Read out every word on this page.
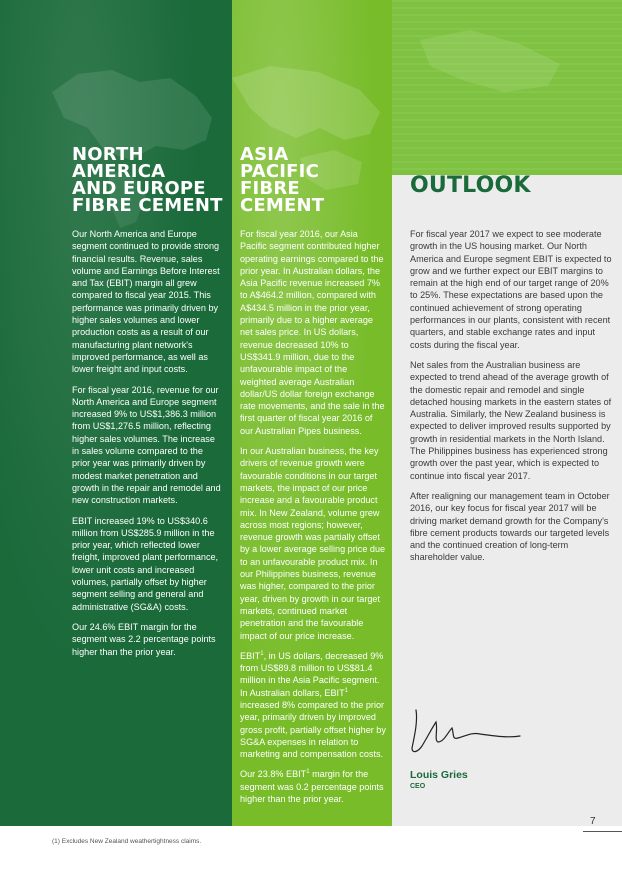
NORTH AMERICA
AND EUROPE
FIBRE CEMENT
ASIA
PACIFIC
FIBRE CEMENT
OUTLOOK

Our North America and Europe segment continued to provide strong financial results. Revenue, sales volume and Earnings Before Interest and Tax (EBIT) margin all grew compared to fiscal year 2015. This performance was primarily driven by higher sales volumes and lower production costs as a result of our manufacturing plant network's improved performance, as well as lower freight and input costs.

For fiscal year 2016, revenue for our North America and Europe segment increased 9% to US$1,386.3 million from US$1,276.5 million, reflecting higher sales volumes. The increase in sales volume compared to the prior year was primarily driven by modest market penetration and growth in the repair and remodel and new construction markets.

EBIT increased 19% to US$340.6 million from US$285.9 million in the prior year, which reflected lower freight, improved plant performance, lower unit costs and increased volumes, partially offset by higher segment selling and general and administrative (SG&A) costs.

Our 24.6% EBIT margin for the segment was 2.2 percentage points higher than the prior year.

For fiscal year 2016, our Asia Pacific segment contributed higher operating earnings compared to the prior year. In Australian dollars, the Asia Pacific revenue increased 7% to A$464.2 million, compared with A$434.5 million in the prior year, primarily due to a higher average net sales price. In US dollars, revenue decreased 10% to US$341.9 million, due to the unfavourable impact of the weighted average Australian dollar/US dollar foreign exchange rate movements, and the sale in the first quarter of fiscal year 2016 of our Australian Pipes business.

In our Australian business, the key drivers of revenue growth were favourable conditions in our target markets, the impact of our price increase and a favourable product mix. In New Zealand, volume grew across most regions; however, revenue growth was partially offset by a lower average selling price due to an unfavourable product mix. In our Philippines business, revenue was higher, compared to the prior year, driven by growth in our target markets, continued market penetration and the favourable impact of our price increase.

EBIT$^1$, in US dollars, decreased 9% from US$89.8 million to US$81.4 million in the Asia Pacific segment. In Australian dollars, EBIT$^1$ increased 8% compared to the prior year, primarily driven by improved gross profit, partially offset higher by SG&A expenses in relation to marketing and compensation costs.

Our 23.8% EBIT$^1$ margin for the segment was 0.2 percentage points higher than the prior year.

For fiscal year 2017 we expect to see moderate growth in the US housing market. Our North America and Europe segment EBIT is expected to grow and we further expect our EBIT margins to remain at the high end of our target range of 20% to 25%. These expectations are based upon the continued achievement of strong operating performances in our plants, consistent with recent quarters, and stable exchange rates and input costs during the fiscal year.

Net sales from the Australian business are expected to trend ahead of the average growth of the domestic repair and remodel and single detached housing markets in the eastern states of Australia. Similarly, the New Zealand business is expected to deliver improved results supported by growth in residential markets in the North Island. The Philippines business has experienced strong growth over the past year, which is expected to continue into fiscal year 2017.

After realigning our management team in October 2016, our key focus for fiscal year 2017 will be driving market demand growth for the Company's fibre cement products towards our targeted levels and the continued creation of long-term shareholder value.

Louis Gries
CEO
7
(1) Excludes New Zealand weathertightness claims.
